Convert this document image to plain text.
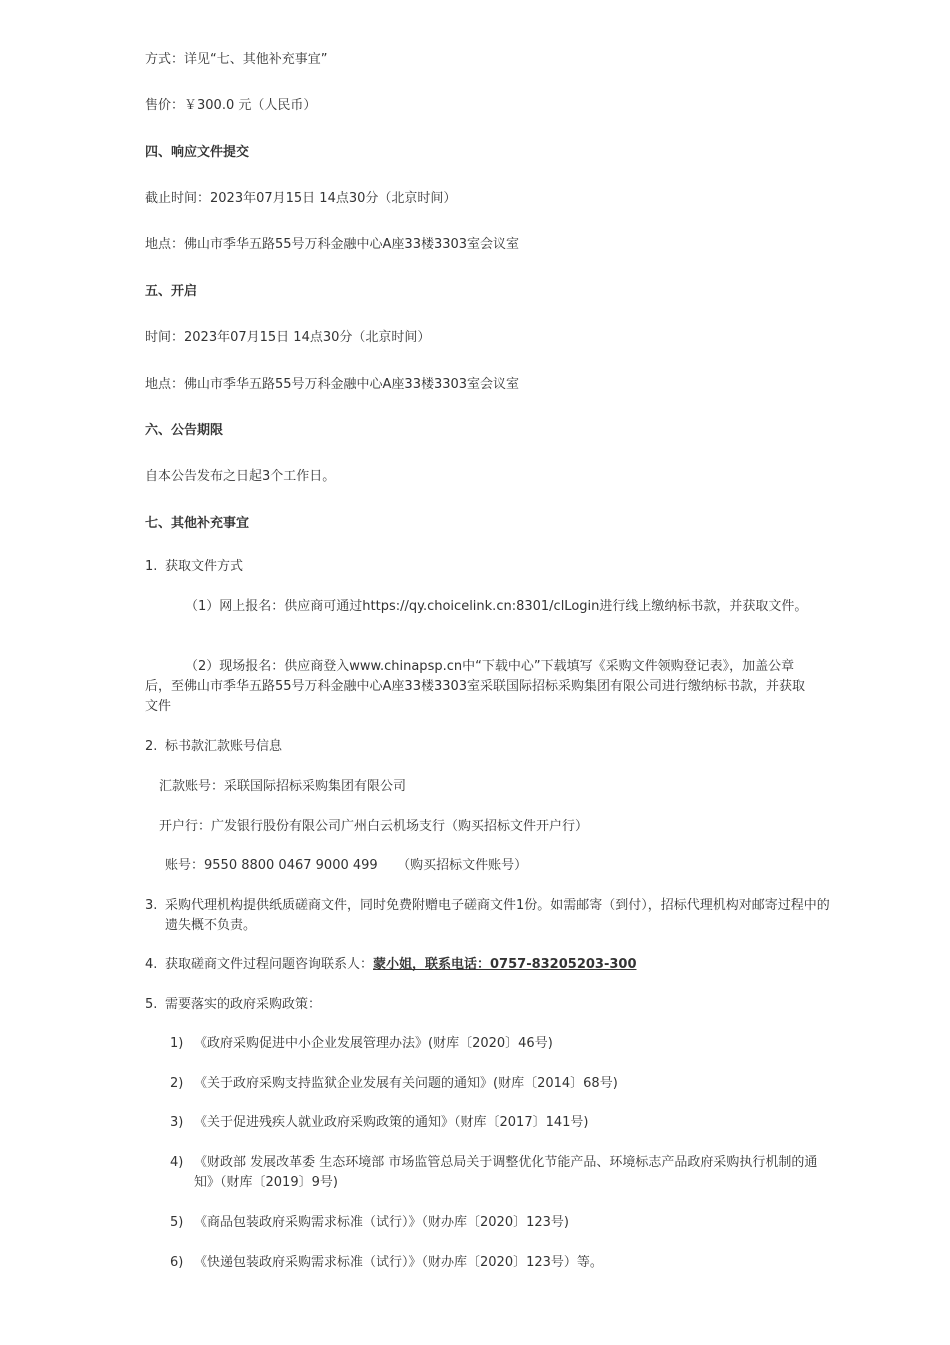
方式：详见“七、其他补充事宜”
售价：￥300.0 元（人民币）
四、响应文件提交
截止时间：2023年07月15日 14点30分（北京时间）
地点：佛山市季华五路55号万科金融中心A座33楼3303室会议室
五、开启
时间：2023年07月15日 14点30分（北京时间）
地点：佛山市季华五路55号万科金融中心A座33楼3303室会议室
六、公告期限
自本公告发布之日起3个工作日。
七、其他补充事宜
1. 获取文件方式
（1）网上报名：供应商可通过https://qy.choicelink.cn:8301/clLogin进行线上缴纳标书款，并获取文件。
（2）现场报名：供应商登入www.chinapsp.cn中“下载中心”下载填写《采购文件领购登记表》，加盖公章后，至佛山市季华五路55号万科金融中心A座33楼3303室采联国际招标采购集团有限公司进行缴纳标书款，并获取文件
2. 标书款汇款账号信息
汇款账号：采联国际招标采购集团有限公司
开户行：广发银行股份有限公司广州白云机场支行（购买招标文件开户行）
账号：9550 8800 0467 9000 499　　（购买招标文件账号）
3. 采购代理机构提供纸质磋商文件，同时免费附赠电子磋商文件1份。如需邮寄（到付），招标代理机构对邮寄过程中的遗失概不负责。
4. 获取磋商文件过程问题咨询联系人：蒙小姐，联系电话：0757-83205203-300
5. 需要落实的政府采购政策：
1) 《政府采购促进中小企业发展管理办法》(财库〔2020〕46号)
2) 《关于政府采购支持监狱企业发展有关问题的通知》(财库〔2014〕68号)
3) 《关于促进残疾人就业政府采购政策的通知》（财库〔2017〕141号)
4) 《财政部 发展改革委 生态环境部 市场监管总局关于调整优化节能产品、环境标志产品政府采购执行机制的通知》（财库〔2019〕9号)
5) 《商品包装政府采购需求标准（试行）》（财办库〔2020〕123号)
6) 《快递包装政府采购需求标准（试行）》（财办库〔2020〕123号）等。
